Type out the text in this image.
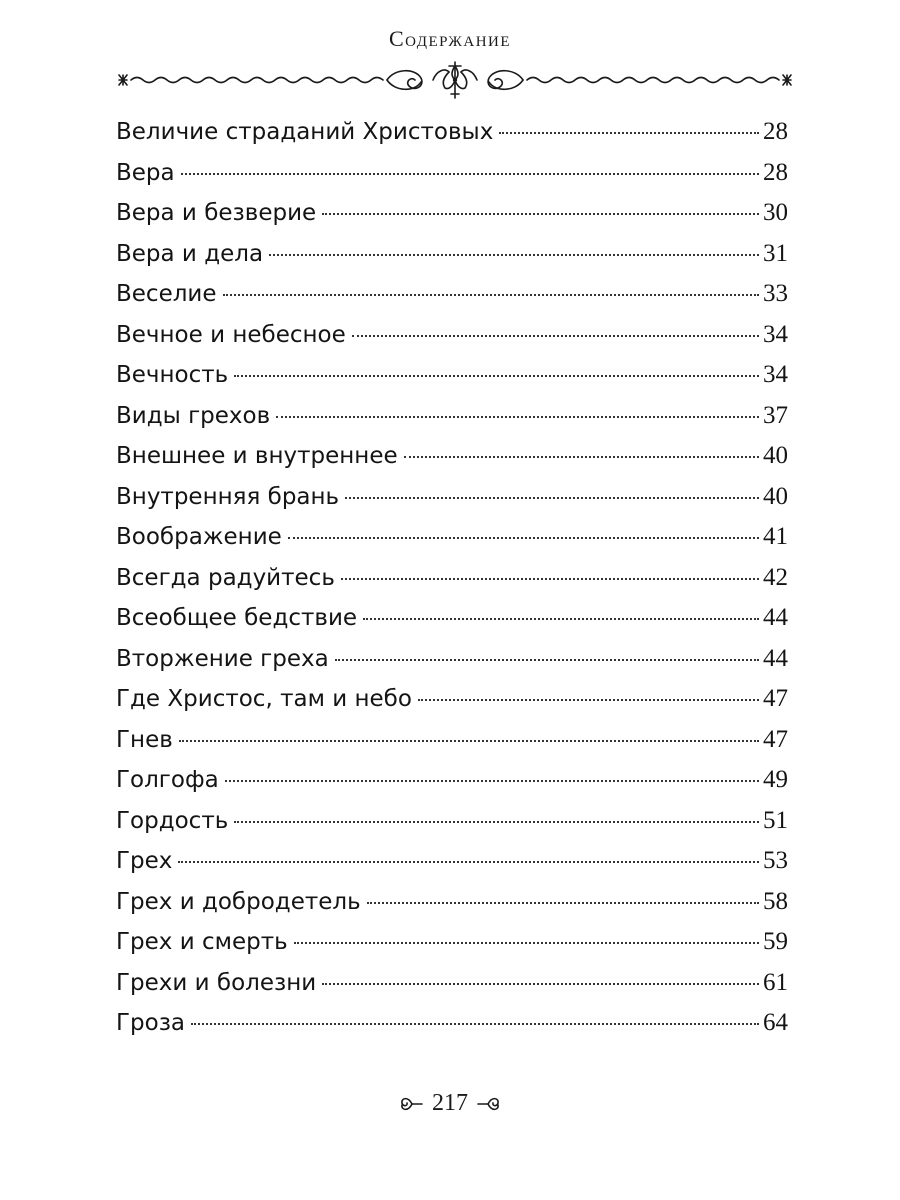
Содержание
Величие страданий Христовых	28
Вера	28
Вера и безверие	30
Вера и дела	31
Веселие	33
Вечное и небесное	34
Вечность	34
Виды грехов	37
Внешнее и внутреннее	40
Внутренняя брань	40
Воображение	41
Всегда радуйтесь	42
Всеобщее бедствие	44
Вторжение греха	44
Где Христос, там и небо	47
Гнев	47
Голгофа	49
Гордость	51
Грех	53
Грех и добродетель	58
Грех и смерть	59
Грехи и болезни	61
Гроза	64
217
